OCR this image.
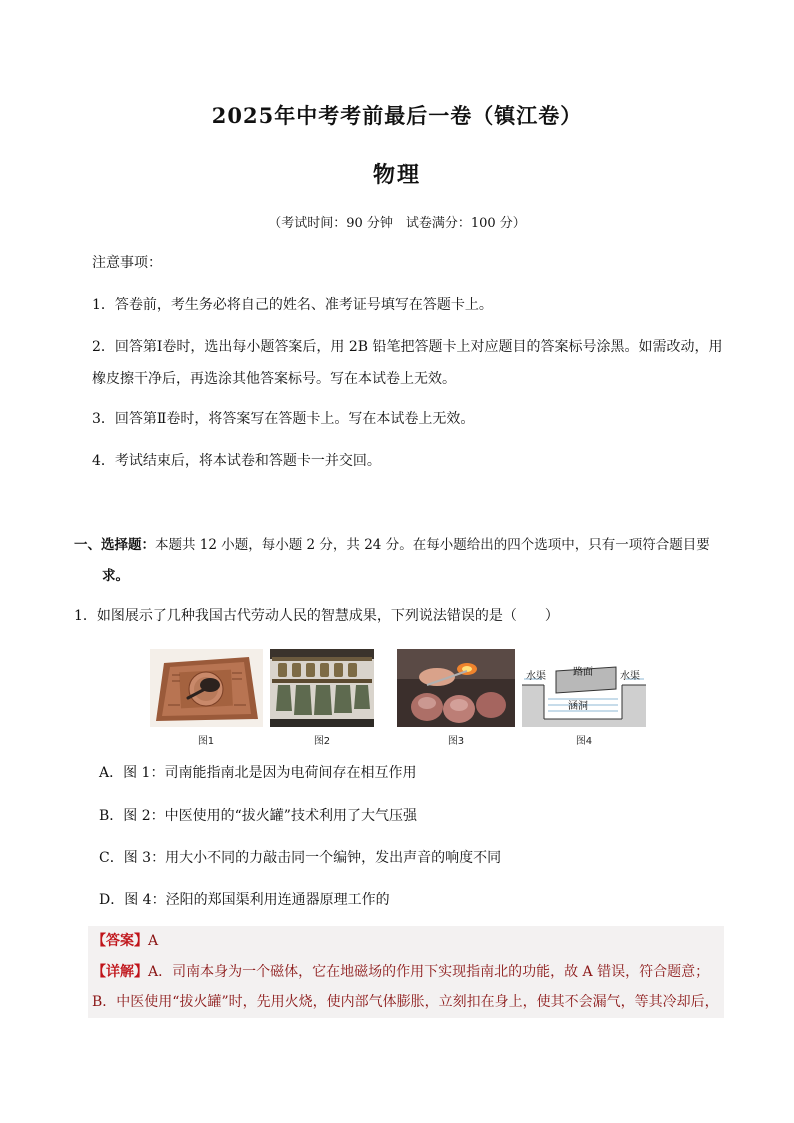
2025年中考考前最后一卷（镇江卷）
物理
（考试时间：90 分钟　试卷满分：100 分）
注意事项：
1．答卷前，考生务必将自己的姓名、准考证号填写在答题卡上。
2．回答第Ⅰ卷时，选出每小题答案后，用 2B 铅笔把答题卡上对应题目的答案标号涂黑。如需改动，用
橡皮擦干净后，再选涂其他答案标号。写在本试卷上无效。
3．回答第Ⅱ卷时，将答案写在答题卡上。写在本试卷上无效。
4．考试结束后，将本试卷和答题卡一并交回。
一、选择题：本题共 12 小题，每小题 2 分，共 24 分。在每小题给出的四个选项中，只有一项符合题目要
求。
1．如图展示了几种我国古代劳动人民的智慧成果，下列说法错误的是（　　）
图1	图2	图3
水渠	路面	水渠
涵洞
图4
A．图 1：司南能指南北是因为电荷间存在相互作用
B．图 2：中医使用的“拔火罐”技术利用了大气压强
C．图 3：用大小不同的力敲击同一个编钟，发出声音的响度不同
D．图 4：泾阳的郑国渠利用连通器原理工作的
【答案】A
【详解】A．司南本身为一个磁体，它在地磁场的作用下实现指南北的功能，故 A 错误，符合题意；
B．中医使用“拔火罐”时，先用火烧，使内部气体膨胀，立刻扣在身上，使其不会漏气，等其冷却后，
